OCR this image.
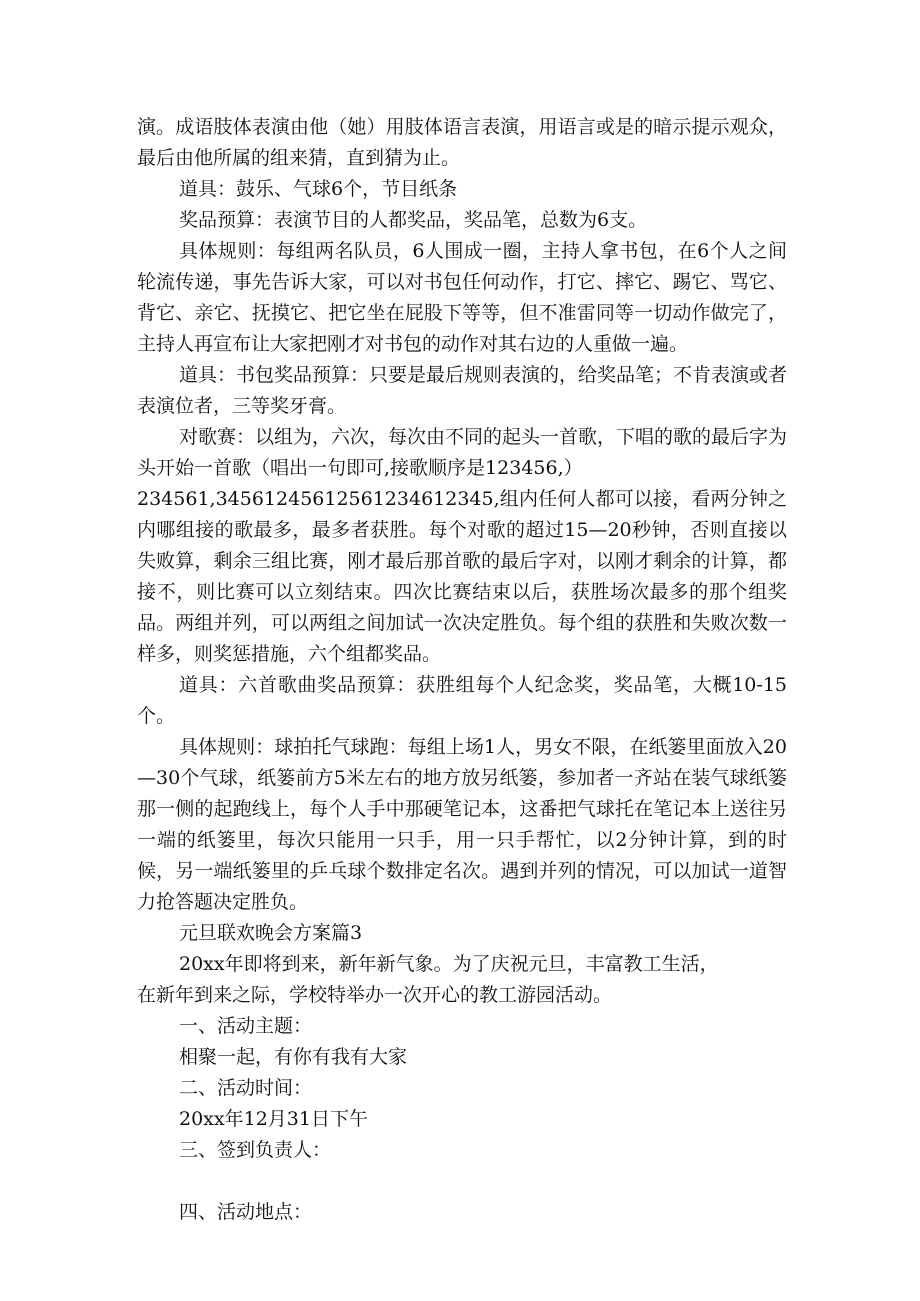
演。成语肢体表演由他（她）用肢体语言表演，用语言或是的暗示提示观众，最后由他所属的组来猜，直到猜为止。

道具：鼓乐、气球6个，节目纸条

奖品预算：表演节目的人都奖品，奖品笔，总数为6支。

具体规则：每组两名队员，6人围成一圈，主持人拿书包，在6个人之间轮流传递，事先告诉大家，可以对书包任何动作，打它、摔它、踢它、骂它、背它、亲它、抚摸它、把它坐在屁股下等等，但不准雷同等一切动作做完了，主持人再宣布让大家把刚才对书包的动作对其右边的人重做一遍。

道具：书包奖品预算：只要是最后规则表演的，给奖品笔；不肯表演或者表演位者，三等奖牙膏。

对歌赛：以组为，六次，每次由不同的起头一首歌，下唱的歌的最后字为头开始一首歌（唱出一句即可,接歌顺序是123456,）

234561,345612456125612346123​45,组内任何人都可以接，看两分钟之内哪组接的歌最多，最多者获胜。每个对歌的超过15—20秒钟，否则直接以失败算，剩余三组比赛，刚才最后那首歌的最后字对，以刚才剩余的计算，都接不，则比赛可以立刻结束。四次比赛结束以后，获胜场次最多的那个组奖品。两组并列，可以两组之间加试一次决定胜负。每个组的获胜和失败次数一样多，则奖惩措施，六个组都奖品。

道具：六首歌曲奖品预算：获胜组每个人纪念奖，奖品笔，大概10-15个。

具体规则：球拍托气球跑：每组上场1人，男女不限，在纸篓里面放入20—30个气球，纸篓前方5米左右的地方放另纸篓，参加者一齐站在装气球纸篓那一侧的起跑线上，每个人手中那硬笔记本，这番把气球托在笔记本上送往另一端的纸篓里，每次只能用一只手，用一只手帮忙，以2分钟计算，到的时候，另一端纸篓里的乒乓球个数排定名次。遇到并列的情况，可以加试一道智力抢答题决定胜负。

元旦联欢晚会方案篇3

20xx年即将到来，新年新气象。为了庆祝元旦，丰富教工生活，

在新年到来之际，学校特举办一次开心的教工游园活动。

一、活动主题：

相聚一起，有你有我有大家

二、活动时间：

20xx年12月31日下午

三、签到负责人：

四、活动地点：
